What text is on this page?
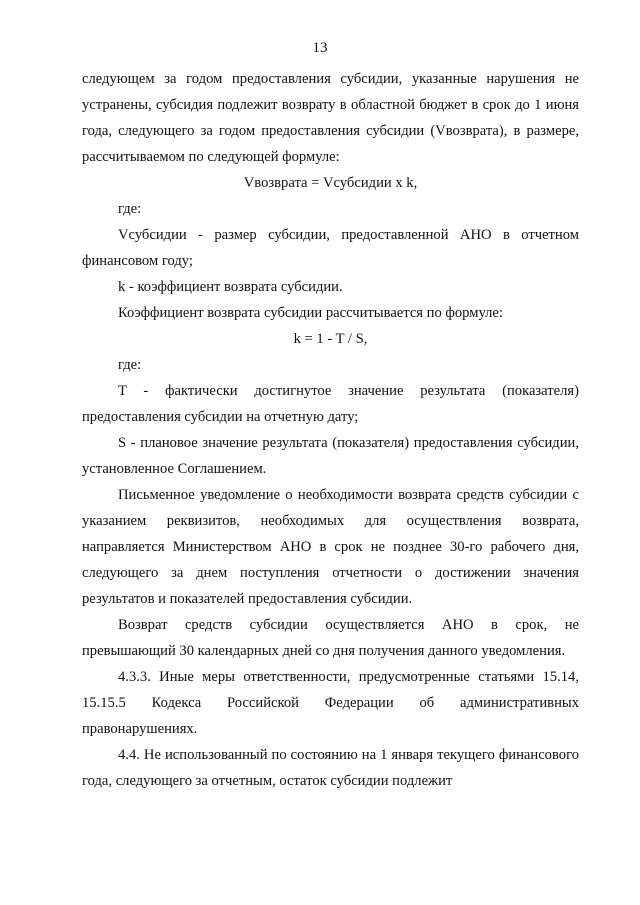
13

следующем за годом предоставления субсидии, указанные нарушения не устранены, субсидия подлежит возврату в областной бюджет в срок до 1 июня года, следующего за годом предоставления субсидии (Vвозврата), в размере, рассчитываемом по следующей формуле:

Vвозврата = Vсубсидии x k,

где:

Vсубсидии - размер субсидии, предоставленной АНО в отчетном финансовом году;

k - коэффициент возврата субсидии.

Коэффициент возврата субсидии рассчитывается по формуле:

k = 1 - T / S,

где:

T - фактически достигнутое значение результата (показателя) предоставления субсидии на отчетную дату;

S - плановое значение результата (показателя) предоставления субсидии, установленное Соглашением.

Письменное уведомление о необходимости возврата средств субсидии с указанием реквизитов, необходимых для осуществления возврата, направляется Министерством АНО в срок не позднее 30-го рабочего дня, следующего за днем поступления отчетности о достижении значения результатов и показателей предоставления субсидии.

Возврат средств субсидии осуществляется АНО в срок, не превышающий 30 календарных дней со дня получения данного уведомления.

4.3.3. Иные меры ответственности, предусмотренные статьями 15.14, 15.15.5 Кодекса Российской Федерации об административных правонарушениях.

4.4. Не использованный по состоянию на 1 января текущего финансового года, следующего за отчетным, остаток субсидии подлежит
